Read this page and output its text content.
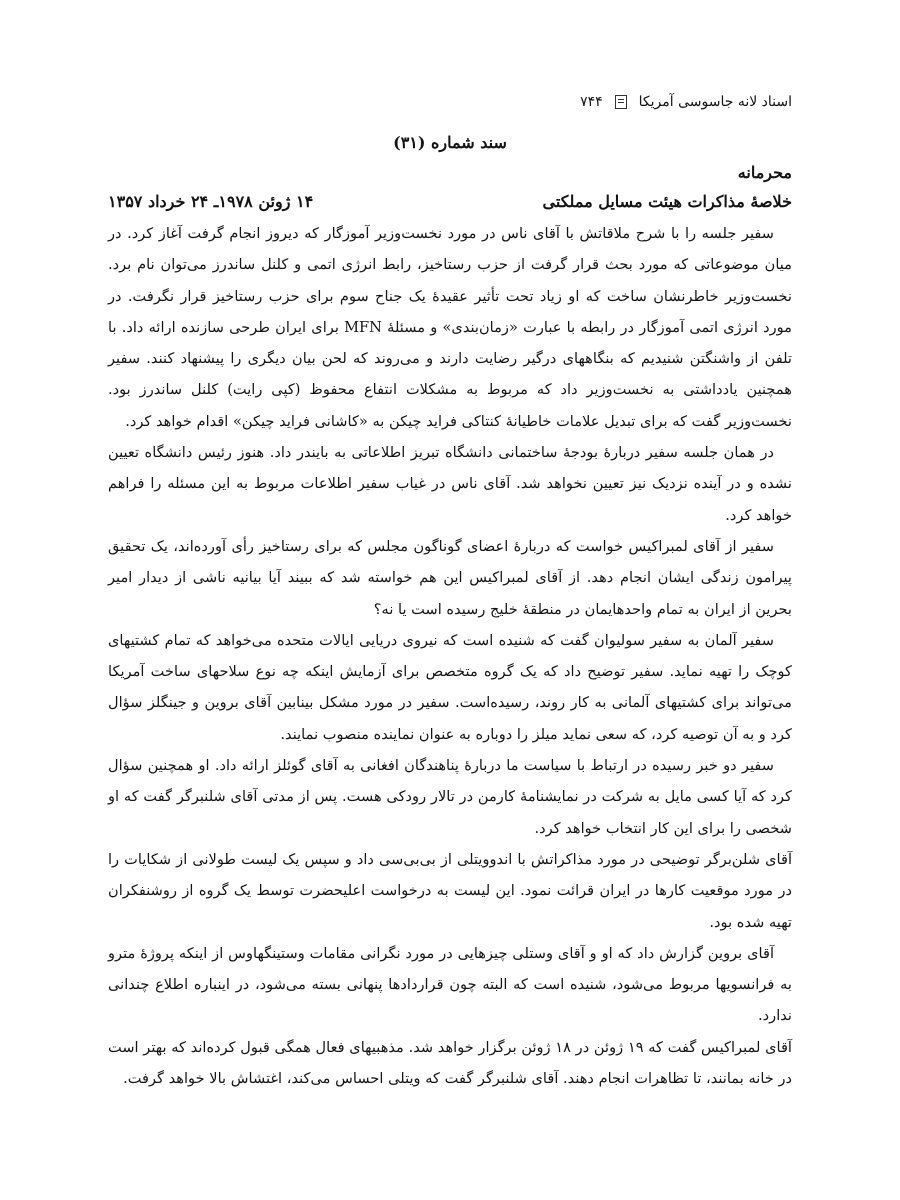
اسناد لانه جاسوسی آمریکا
۷۴۴
سند شماره (۳۱)
محرمانه
خلاصهٔ مذاکرات هیئت مسایل مملکتی
۱۴ ژوئن ۱۹۷۸ـ ۲۴ خرداد ۱۳۵۷

سفیر جلسه را با شرح ملاقاتش با آقای ناس در مورد نخست‌وزیر آموزگار که دیروز انجام گرفت آغاز کرد. در میان موضوعاتی که مورد بحث قرار گرفت از حزب رستاخیز، رابط انرژی اتمی و کلنل ساندرز می‌توان نام برد. نخست‌وزیر خاطرنشان ساخت که او زیاد تحت تأثیر عقیدهٔ یک جناح سوم برای حزب رستاخیز قرار نگرفت. در مورد انرژی اتمی آموزگار در رابطه با عبارت «زمان‌بندی» و مسئلهٔ MFN برای ایران طرحی سازنده ارائه داد. با تلفن از واشنگتن شنیدیم که بنگاههای درگیر رضایت دارند و می‌روند که لحن بیان دیگری را پیشنهاد کنند. سفیر همچنین یادداشتی به نخست‌وزیر داد که مربوط به مشکلات انتفاع محفوظ (کپی رایت) کلنل ساندرز بود. نخست‌وزیر گفت که برای تبدیل علامات خاطیانهٔ کنتاکی فراید چیکن به «کاشانی فراید چیکن» اقدام خواهد کرد.

در همان جلسه سفیر دربارهٔ بودجهٔ ساختمانی دانشگاه تبریز اطلاعاتی به بایندر داد. هنوز رئیس دانشگاه تعیین نشده و در آینده نزدیک نیز تعیین نخواهد شد. آقای ناس در غیاب سفیر اطلاعات مربوط به این مسئله را فراهم خواهد کرد.

سفیر از آقای لمبراکیس خواست که دربارهٔ اعضای گوناگون مجلس که برای رستاخیز رأی آورده‌اند، یک تحقیق پیرامون زندگی ایشان انجام دهد. از آقای لمبراکیس این هم خواسته شد که ببیند آیا بیانیه ناشی از دیدار امیر بحرین از ایران به تمام واحدهایمان در منطقهٔ خلیج رسیده است یا نه؟

سفیر آلمان به سفیر سولیوان گفت که شنیده است که نیروی دریایی ایالات متحده می‌خواهد که تمام کشتیهای کوچک را تهیه نماید. سفیر توضیح داد که یک گروه متخصص برای آزمایش اینکه چه نوع سلاحهای ساخت آمریکا می‌تواند برای کشتیهای آلمانی به کار روند، رسیده‌است. سفیر در مورد مشکل بینابین آقای بروین و جینگلز سؤال کرد و به آن توصیه کرد، که سعی نماید میلز را دوباره به عنوان نماینده منصوب نمایند.

سفیر دو خبر رسیده در ارتباط با سیاست ما دربارهٔ پناهندگان افغانی به آقای گوئلز ارائه داد. او همچنین سؤال کرد که آیا کسی مایل به شرکت در نمایشنامهٔ کارمن در تالار رودکی هست. پس از مدتی آقای شلنبرگر گفت که او شخصی را برای این کار انتخاب خواهد کرد.

آقای شلن‌برگر توضیحی در مورد مذاکراتش با اندوویتلی از بی‌بی‌سی داد و سپس یک لیست طولانی از شکایات را در مورد موقعیت کارها در ایران قرائت نمود. این لیست به درخواست اعلیحضرت توسط یک گروه از روشنفکران تهیه شده بود.

آقای بروین گزارش داد که او و آقای وستلی چیزهایی در مورد نگرانی مقامات وستینگهاوس از اینکه پروژهٔ مترو به فرانسویها مربوط می‌شود، شنیده است که البته چون قراردادها پنهانی بسته می‌شود، در اینباره اطلاع چندانی ندارد.

آقای لمبراکیس گفت که ۱۹ ژوئن در ۱۸ ژوئن برگزار خواهد شد. مذهبیهای فعال همگی قبول کرده‌اند که بهتر است در خانه بمانند، تا تظاهرات انجام دهند. آقای شلنبرگر گفت که ویتلی احساس می‌کند، اغتشاش بالا خواهد گرفت.
